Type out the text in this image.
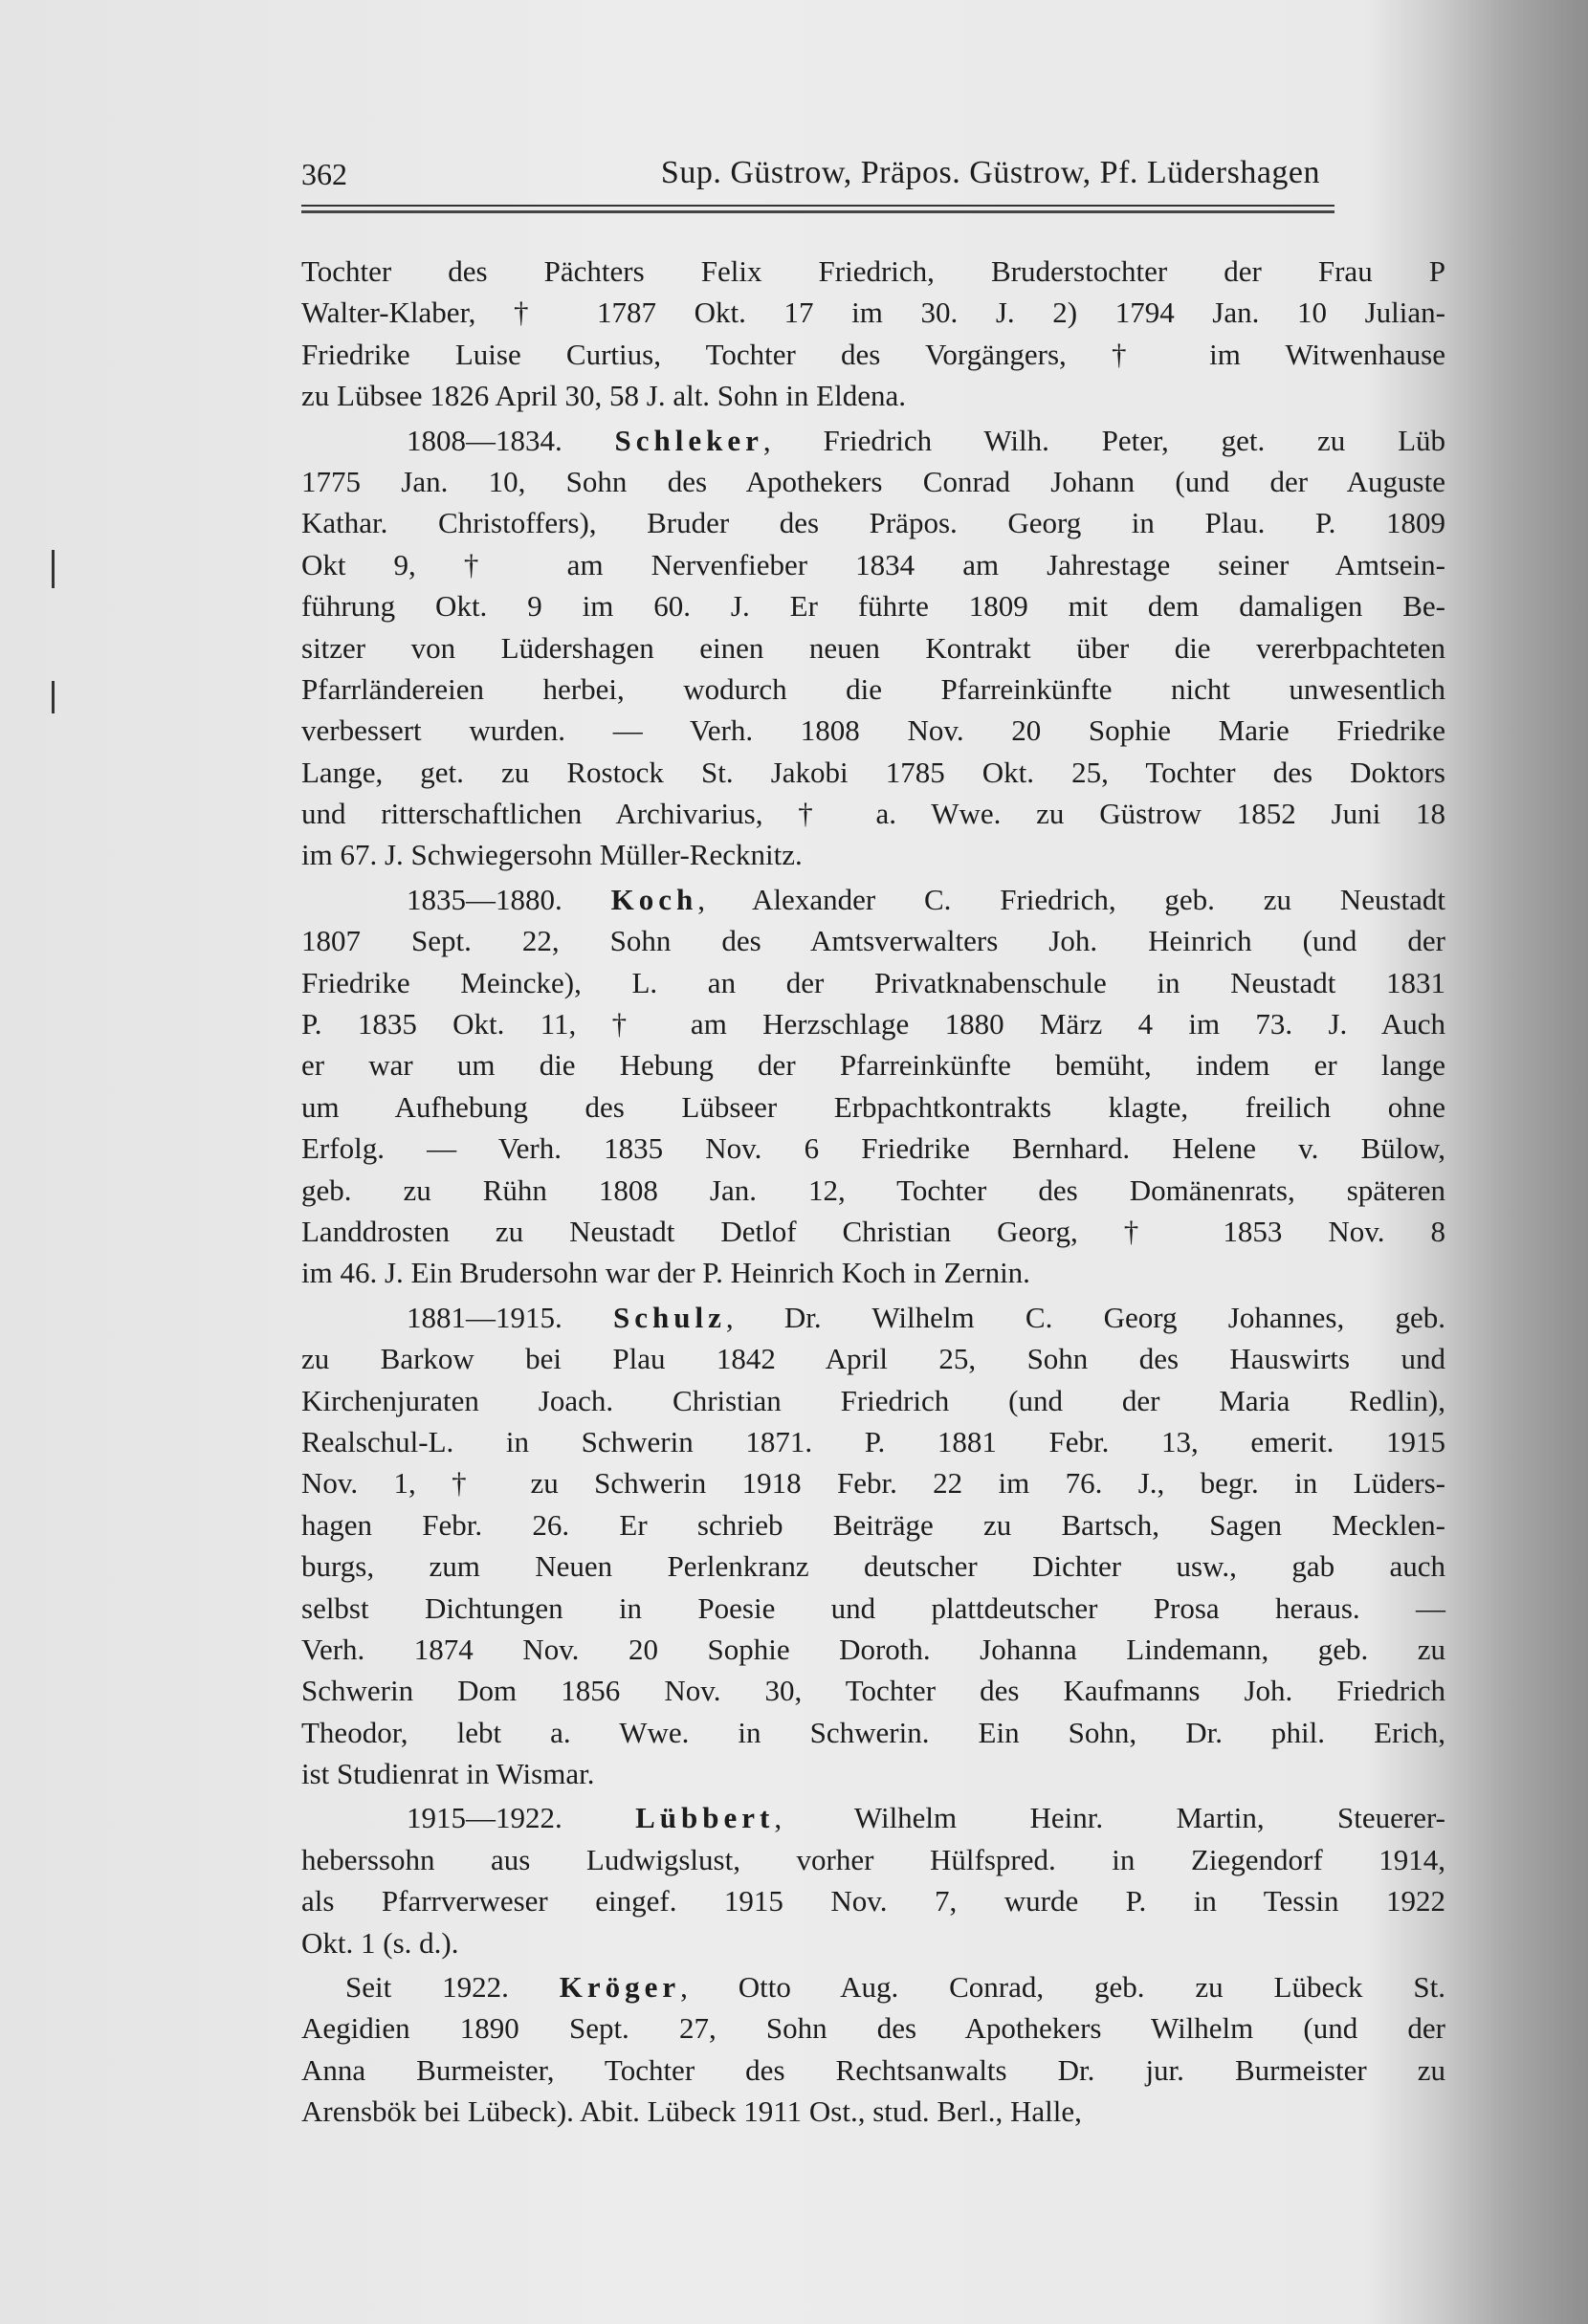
362	Sup. Güstrow, Präpos. Güstrow, Pf. Lüdershagen
Tochter des Pächters Felix Friedrich, Bruderstochter der Frau P
Walter-Klaber, † 1787 Okt. 17 im 30. J. 2) 1794 Jan. 10 Julian-
Friedrike Luise Curtius, Tochter des Vorgängers, † im Witwenhause
zu Lübsee 1826 April 30, 58 J. alt. Sohn in Eldena.
1808—1834. Schleker, Friedrich Wilh. Peter, get. zu Lüb
1775 Jan. 10, Sohn des Apothekers Conrad Johann (und der Auguste
Kathar. Christoffers), Bruder des Präpos. Georg in Plau. P. 1809
Okt 9, † am Nervenfieber 1834 am Jahrestage seiner Amtsein-
führung Okt. 9 im 60. J. Er führte 1809 mit dem damaligen Be-
sitzer von Lüdershagen einen neuen Kontrakt über die vererbpachteten
Pfarrländereien herbei, wodurch die Pfarreinkünfte nicht unwesentlich
verbessert wurden. — Verh. 1808 Nov. 20 Sophie Marie Friedrike
Lange, get. zu Rostock St. Jakobi 1785 Okt. 25, Tochter des Doktors
und ritterschaftlichen Archivarius, † a. Wwe. zu Güstrow 1852 Juni 18
im 67. J. Schwiegersohn Müller-Recknitz.
1835—1880. Koch, Alexander C. Friedrich, geb. zu Neustadt
1807 Sept. 22, Sohn des Amtsverwalters Joh. Heinrich (und der
Friedrike Meincke), L. an der Privatknabenschule in Neustadt 1831
P. 1835 Okt. 11, † am Herzschlage 1880 März 4 im 73. J. Auch
er war um die Hebung der Pfarreinkünfte bemüht, indem er lange
um Aufhebung des Lübseer Erbpachtkontrakts klagte, freilich ohne
Erfolg. — Verh. 1835 Nov. 6 Friedrike Bernhard. Helene v. Bülow,
geb. zu Rühn 1808 Jan. 12, Tochter des Domänenrats, späteren
Landdrosten zu Neustadt Detlof Christian Georg, † 1853 Nov. 8
im 46. J. Ein Brudersohn war der P. Heinrich Koch in Zernin.
1881—1915. Schulz, Dr. Wilhelm C. Georg Johannes, geb.
zu Barkow bei Plau 1842 April 25, Sohn des Hauswirts und
Kirchenjuraten Joach. Christian Friedrich (und der Maria Redlin),
Realschul-L. in Schwerin 1871. P. 1881 Febr. 13, emerit. 1915
Nov. 1, † zu Schwerin 1918 Febr. 22 im 76. J., begr. in Lüders-
hagen Febr. 26. Er schrieb Beiträge zu Bartsch, Sagen Mecklen-
burgs, zum Neuen Perlenkranz deutscher Dichter usw., gab auch
selbst Dichtungen in Poesie und plattdeutscher Prosa heraus. —
Verh. 1874 Nov. 20 Sophie Doroth. Johanna Lindemann, geb. zu
Schwerin Dom 1856 Nov. 30, Tochter des Kaufmanns Joh. Friedrich
Theodor, lebt a. Wwe. in Schwerin. Ein Sohn, Dr. phil. Erich,
ist Studienrat in Wismar.
1915—1922. Lübbert, Wilhelm Heinr. Martin, Steuerer-
heberssohn aus Ludwigslust, vorher Hülfspred. in Ziegendorf 1914,
als Pfarrverweser eingef. 1915 Nov. 7, wurde P. in Tessin 1922
Okt. 1 (s. d.).
Seit 1922. Kröger, Otto Aug. Conrad, geb. zu Lübeck St.
Aegidien 1890 Sept. 27, Sohn des Apothekers Wilhelm (und der
Anna Burmeister, Tochter des Rechtsanwalts Dr. jur. Burmeister zu
Arensbök bei Lübeck). Abit. Lübeck 1911 Ost., stud. Berl., Halle,
